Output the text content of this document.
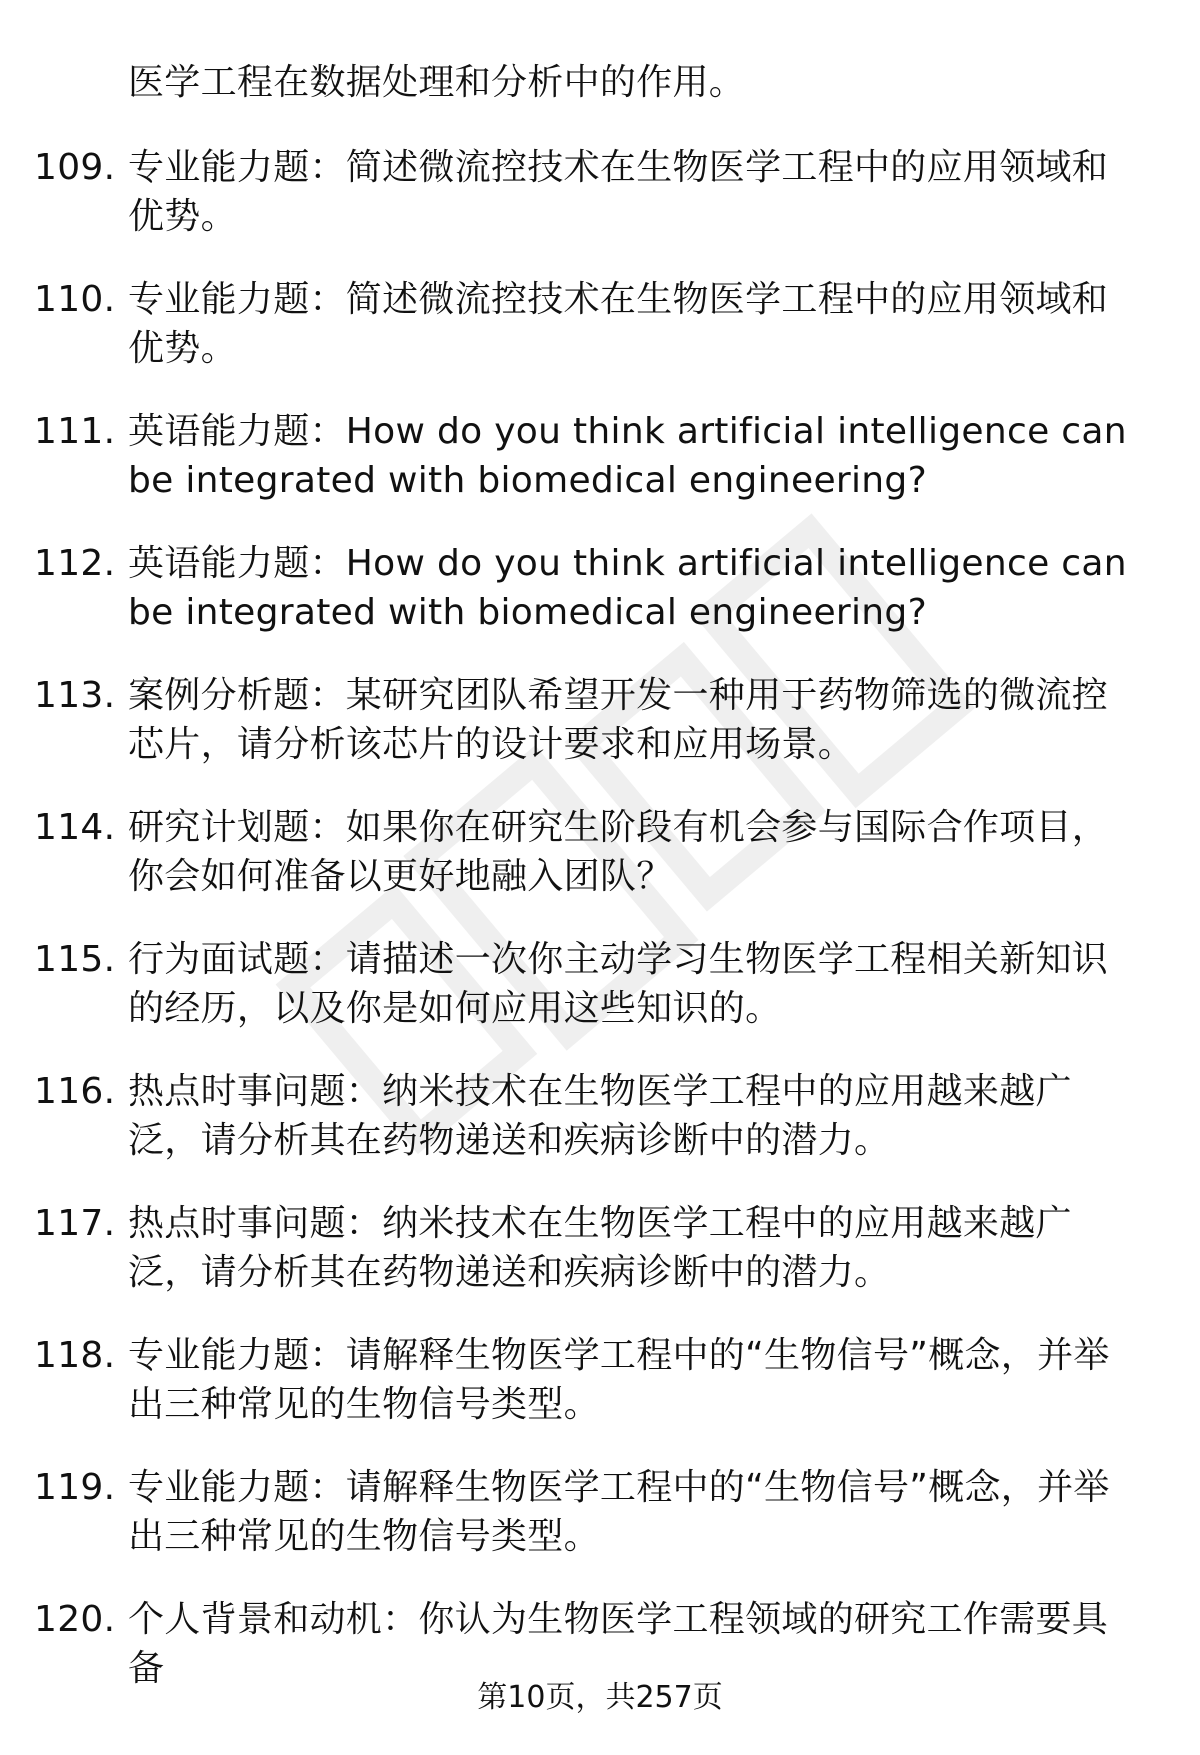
医学工程在数据处理和分析中的作用。
109. 专业能力题：简述微流控技术在生物医学工程中的应用领域和优势。
110. 专业能力题：简述微流控技术在生物医学工程中的应用领域和优势。
111. 英语能力题：How do you think artificial intelligence can be integrated with biomedical engineering?
112. 英语能力题：How do you think artificial intelligence can be integrated with biomedical engineering?
113. 案例分析题：某研究团队希望开发一种用于药物筛选的微流控芯片，请分析该芯片的设计要求和应用场景。
114. 研究计划题：如果你在研究生阶段有机会参与国际合作项目，你会如何准备以更好地融入团队？
115. 行为面试题：请描述一次你主动学习生物医学工程相关新知识的经历，以及你是如何应用这些知识的。
116. 热点时事问题：纳米技术在生物医学工程中的应用越来越广泛，请分析其在药物递送和疾病诊断中的潜力。
117. 热点时事问题：纳米技术在生物医学工程中的应用越来越广泛，请分析其在药物递送和疾病诊断中的潜力。
118. 专业能力题：请解释生物医学工程中的“生物信号”概念，并举出三种常见的生物信号类型。
119. 专业能力题：请解释生物医学工程中的“生物信号”概念，并举出三种常见的生物信号类型。
120. 个人背景和动机：你认为生物医学工程领域的研究工作需要具备
第10页，共257页
